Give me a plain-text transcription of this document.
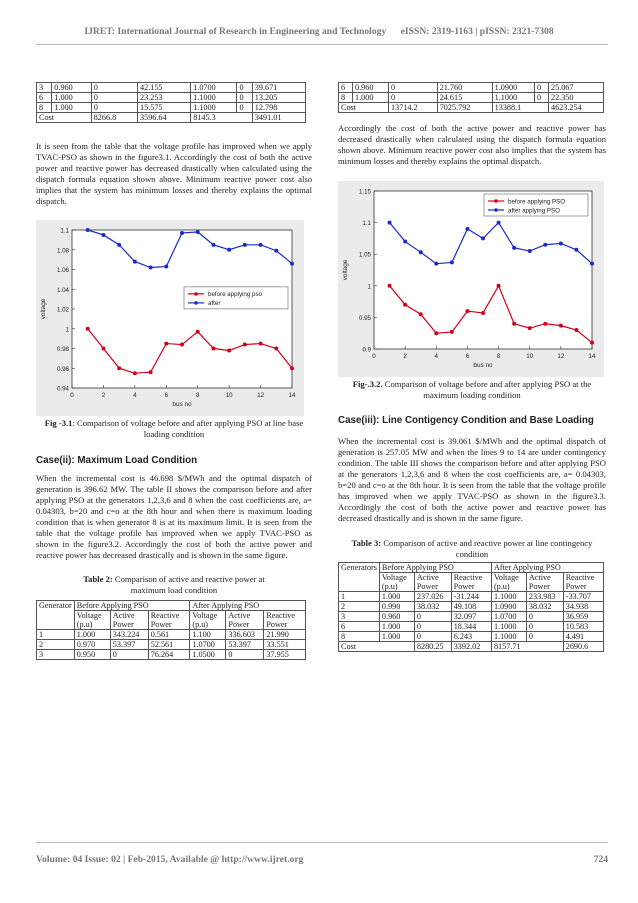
IJRET: International Journal of Research in Engineering and Technology eISSN: 2319-1163 | pISSN: 2321-7308
3	0.960	0	42.155	1.0700	0	39.671
6	1.000	0	23.253	1.1000	0	13.205
8	1.000	0	15.575	1.1000	0	12.798
Cost		8266.8	3596.64	8145.3		3491.01

It is seen from the table that the voltage profile has improved when we apply TVAC-PSO as shown in the figure3.1. Accordingly the cost of both the active power and reactive power has decreased drastically when calculated using the dispatch formula equation shown above. Minimum reactive power cost also implies that the system has minimum losses and thereby explains the optimal dispatch.

0.94
0.96
0.98
1
1.02
1.04
1.06
1.08
1.1
0	2	4	6	8	10	12	14
bus no
voltage
before applying pso
after
Fig -3.1: Comparison of voltage before and after applying PSO at line base loading condition
Case(ii): Maximum Load Condition

When the incremental cost is 46.698 $/MWh and the optimal dispatch of generation is 396.62 MW. The table II shows the comparison before and after applying PSO at the generators 1,2,3,6 and 8 when the cost coefficients are, a= 0.04303, b=20 and c=o at the 8th hour and when there is maximum loading condition that is when generator 8 is at its maximum limit. It is seen from the table that the voltage profile has improved when we apply TVAC-PSO as shown in the figure3.2. Accordingly the cost of both the active power and reactive power has decreased drastically and is shown in the same figure.

Table 2: Comparison of active and reactive power at maximum load condition
Generator	Before Applying PSO			After Applying PSO		
	Voltage (p.u)	Active Power	Reactive Power	Voltage (p.u)	Active Power	Reactive Power
1	1.000	343.224	0.561	1.100	336.603	21.990
2	0.970	53.397	52.561	1.0700	53.397	33.551
3	0.950	0	76.264	1.0500	0	37.955
6	0.960	0	21.760	1.0900	0	25.067
8	1.000	0	24.615	1.1000	0	22.350
Cost		13714.2	7025.792	13388.1		4623.254

Accordingly the cost of both the active power and reactive power has decreased drastically when calculated using the dispatch formula equation shown above. Minimum reactive power cost also implies that the system has minimum losses and thereby explains the optimal dispatch.

0.9
0.95
1
1.05
1.1
1.15
0	2	4	6	8	10	12	14
bus no
voltage
before applying PSO
after applying PSO
Fig-.3.2. Comparison of voltage before and after applying PSO at the maximum loading condition
Case(iii): Line Contigency Condition and Base Loading

When the incremental cost is 39.061 $/MWh and the optimal dispatch of generation is 257.05 MW and when the lines 9 to 14 are under contingency condition. The table III shows the comparison before and after applying PSO at the generators 1,2,3,6 and 8 when the cost coefficients are, a= 0.04303, b=20 and c=o at the 8th hour. It is seen from the table that the voltage profile has improved when we apply TVAC-PSO as shown in the figure3.3. Accordingly the cost of both the active power and reactive power has decreased drastically and is shown in the same figure.

Table 3: Comparison of active and reactive power at line contingency condition
Generators	Before Applying PSO			After Applying PSO		
	Voltage (p.u)	Active Power	Reactive Power	Voltage (p.u)	Active Power	Reactive Power
1	1.000	237.026	-31.244	1.1000	233.983	-33.707
2	0.990	38.032	49.108	1.0900	38.032	34.938
3	0.960	0	32.097	1.0700	0	36.959
6	1.000	0	18.344	1.1000	0	10.583
8	1.000	0	6.243	1.1000	0	4.491
Cost		8280.25	3392.02	8157.71		2690.6
Volume: 04 Issue: 02 | Feb-2015, Available @ http://www.ijret.org	724
